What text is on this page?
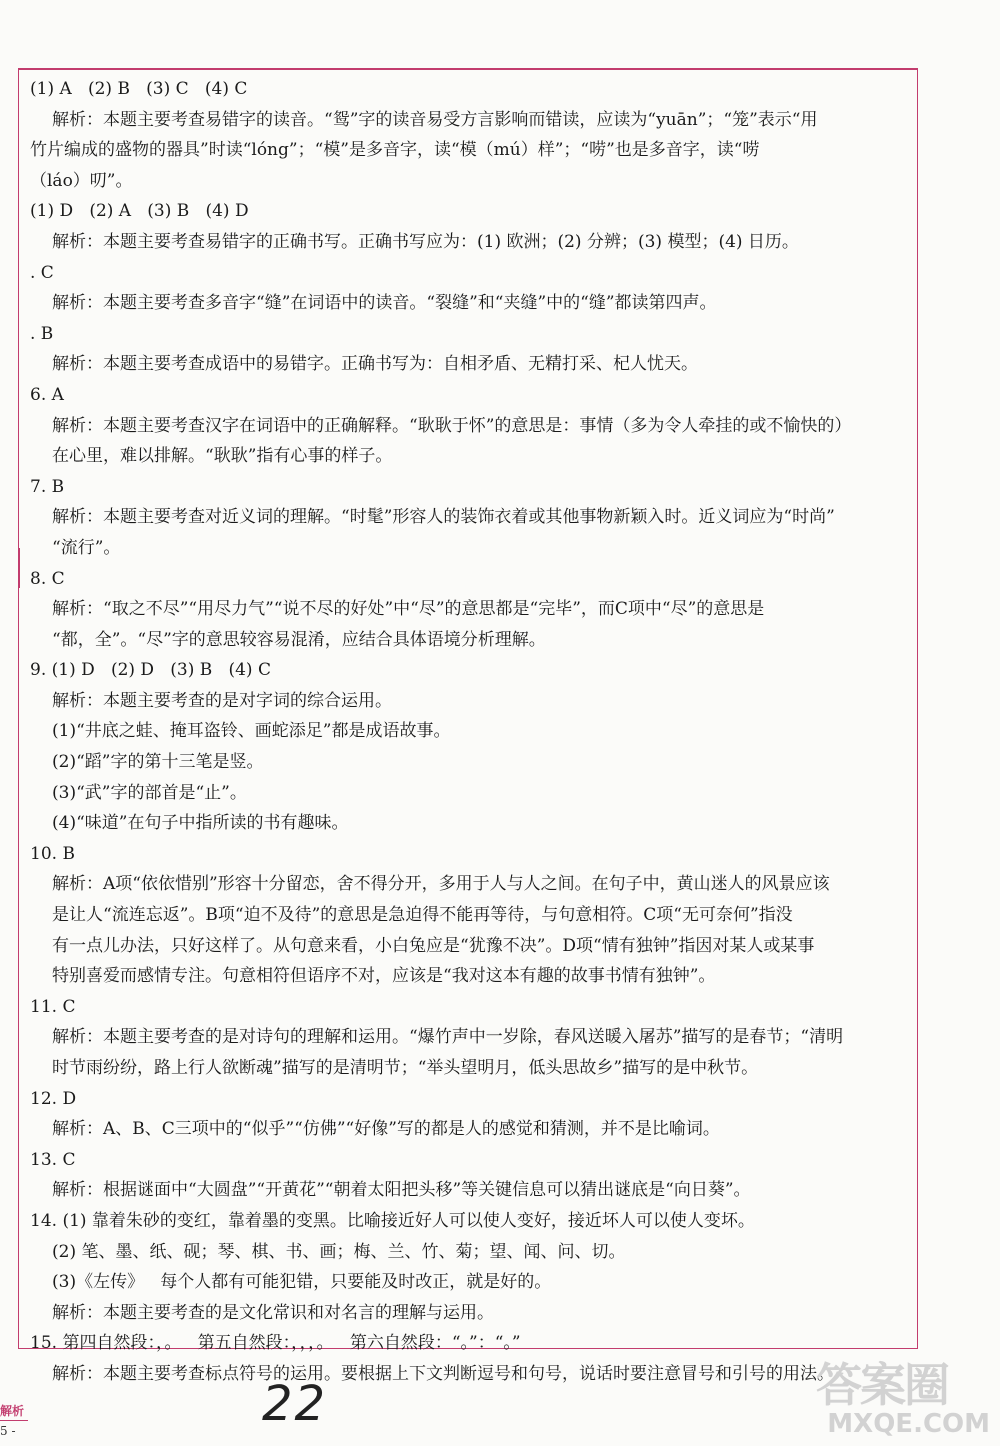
(1) A   (2) B   (3) C   (4) C
解析：本题主要考查易错字的读音。“鸳”字的读音易受方言影响而错读，应读为“yuān”；“笼”表示“用
竹片编成的盛物的器具”时读“lóng”；“模”是多音字，读“模（mú）样”；“唠”也是多音字，读“唠
（láo）叨”。
(1) D   (2) A   (3) B   (4) D
解析：本题主要考查易错字的正确书写。正确书写应为：(1) 欧洲；(2) 分辨；(3) 模型；(4) 日历。
. C
解析：本题主要考查多音字“缝”在词语中的读音。“裂缝”和“夹缝”中的“缝”都读第四声。
. B
解析：本题主要考查成语中的易错字。正确书写为：自相矛盾、无精打采、杞人忧天。
6. A
解析：本题主要考查汉字在词语中的正确解释。“耿耿于怀”的意思是：事情（多为令人牵挂的或不愉快的）
在心里，难以排解。“耿耿”指有心事的样子。
7. B
解析：本题主要考查对近义词的理解。“时髦”形容人的装饰衣着或其他事物新颖入时。近义词应为“时尚”
“流行”。
8. C
解析：“取之不尽”“用尽力气”“说不尽的好处”中“尽”的意思都是“完毕”，而C项中“尽”的意思是
“都，全”。“尽”字的意思较容易混淆，应结合具体语境分析理解。
9. (1) D   (2) D   (3) B   (4) C
解析：本题主要考查的是对字词的综合运用。
(1)“井底之蛙、掩耳盗铃、画蛇添足”都是成语故事。
(2)“蹈”字的第十三笔是竖。
(3)“武”字的部首是“止”。
(4)“味道”在句子中指所读的书有趣味。
10. B
解析：A项“依依惜别”形容十分留恋，舍不得分开，多用于人与人之间。在句子中，黄山迷人的风景应该
是让人“流连忘返”。B项“迫不及待”的意思是急迫得不能再等待，与句意相符。C项“无可奈何”指没
有一点儿办法，只好这样了。从句意来看，小白兔应是“犹豫不决”。D项“情有独钟”指因对某人或某事
特别喜爱而感情专注。句意相符但语序不对，应该是“我对这本有趣的故事书情有独钟”。
11. C
解析：本题主要考查的是对诗句的理解和运用。“爆竹声中一岁除，春风送暖入屠苏”描写的是春节；“清明
时节雨纷纷，路上行人欲断魂”描写的是清明节；“举头望明月，低头思故乡”描写的是中秋节。
12. D
解析：A、B、C三项中的“似乎”“仿佛”“好像”写的都是人的感觉和猜测，并不是比喻词。
13. C
解析：根据谜面中“大圆盘”“开黄花”“朝着太阳把头移”等关键信息可以猜出谜底是“向日葵”。
14. (1) 靠着朱砂的变红，靠着墨的变黑。比喻接近好人可以使人变好，接近坏人可以使人变坏。
(2) 笔、墨、纸、砚；琴、棋、书、画；梅、兰、竹、菊；望、闻、问、切。
(3)《左传》   每个人都有可能犯错，只要能及时改正，就是好的。
解析：本题主要考查的是文化常识和对名言的理解与运用。
15. 第四自然段：，。   第五自然段：，，，。   第六自然段：“。”：“。”
解析：本题主要考查标点符号的运用。要根据上下文判断逗号和句号，说话时要注意冒号和引号的用法。
解析
5 -	22	答案圈
MXQE.COM
